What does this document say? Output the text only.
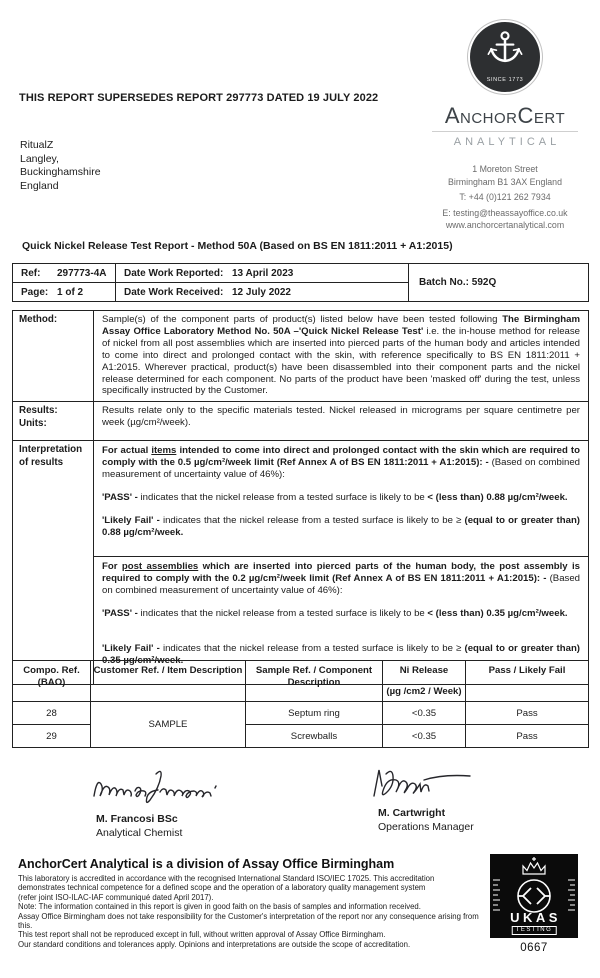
THIS REPORT SUPERSEDES REPORT 297773 DATED 19 JULY 2022
RitualZ
Langley,
Buckinghamshire
England
SINCE 1773
AnchorCert
ANALYTICAL
1 Moreton Street
Birmingham B1 3AX England
T: +44 (0)121 262 7934
E: testing@theassayoffice.co.uk
www.anchorcertanalytical.com
Quick Nickel Release Test Report - Method 50A (Based on BS EN 1811:2011 + A1:2015)
Ref: 297773-4A	Date Work Reported: 13 April 2023	Batch No.: 592Q
Page: 1 of 2	Date Work Received: 12 July 2022	
Method:	Sample(s) of the component parts of product(s) listed below have been tested following The Birmingham Assay Office Laboratory Method No. 50A –'Quick Nickel Release Test' i.e. the in-house method for release of nickel from all post assemblies which are inserted into pierced parts of the human body and articles intended to come into direct and prolonged contact with the skin, with reference specifically to BS EN 1811:2011 + A1:2015. Wherever practical, product(s) have been disassembled into their component parts and the nickel release determined for each component. No parts of the product have been 'masked off' during the test, unless specifically instructed by the Customer.

Results:
Units:	Results relate only to the specific materials tested. Nickel released in micrograms per square centimetre per week (µg/cm²/week).

Interpretation
of results

For actual items intended to come into direct and prolonged contact with the skin which are required to comply with the 0.5 µg/cm²/week limit (Ref Annex A of BS EN 1811:2011 + A1:2015): - (Based on combined measurement of uncertainty value of 46%):

'PASS' - indicates that the nickel release from a tested surface is likely to be < (less than) 0.88 µg/cm²/week.

'Likely Fail' - indicates that the nickel release from a tested surface is likely to be ≥ (equal to or greater than) 0.88 µg/cm²/week.

For post assemblies which are inserted into pierced parts of the human body, the post assembly is required to comply with the 0.2 µg/cm²/week limit (Ref Annex A of BS EN 1811:2011 + A1:2015): - (Based on combined measurement of uncertainty value of 46%):

'PASS' - indicates that the nickel release from a tested surface is likely to be < (less than) 0.35 µg/cm²/week.

'Likely Fail' - indicates that the nickel release from a tested surface is likely to be ≥ (equal to or greater than) 0.35 µg/cm²/week.

Compo. Ref.
(BAO)
	Customer Ref. / Item Description	Sample Ref. / Component
Description

Ni Release
(µg /cm2 / Week)
	Pass / Likely Fail
28	SAMPLE	Septum ring	<0.35	Pass
29		Screwballs	<0.35	Pass
M. Francosi BSc
Analytical Chemist
M. Cartwright
Operations Manager
AnchorCert Analytical is a division of Assay Office Birmingham
This laboratory is accredited in accordance with the recognised International Standard ISO/IEC 17025. This accreditation
demonstrates technical competence for a defined scope and the operation of a laboratory quality management system
(refer joint ISO-ILAC-IAF communiqué dated April 2017).
Note: The information contained in this report is given in good faith on the basis of samples and information received.
Assay Office Birmingham does not take responsibility for the Customer's interpretation of the report nor any consequence arising from this.
This test report shall not be reproduced except in full, without written approval of Assay Office Birmingham.
Our standard conditions and tolerances apply. Opinions and interpretations are outside the scope of accreditation.
UKAS
TESTING
0667
